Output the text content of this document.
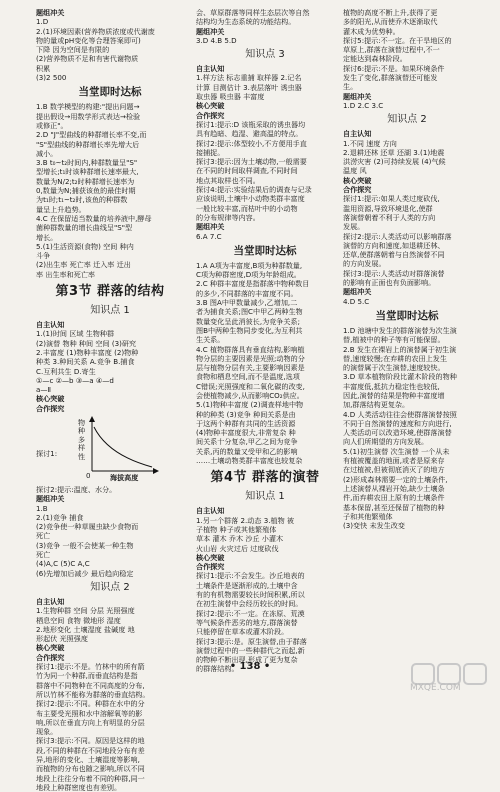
题组冲关
1.D
2.(1)环境因素(营养物质浓度或代谢废
物的量或pH变化等合理答案即可)
下降 因为空间是有限的
(2)营养物质不足和有害代谢物质
积累
(3)2 500
当堂即时达标
1.B 数学模型的构建:"提出问题→
提出假设→用数学形式表达→检验
或修正"。
2.D "J"型曲线的种群增长率不变,而
"S"型曲线的种群增长率先增大后
减小。
3.B t₀~t₂时间内,种群数量呈"S"
型增长;t₁时该种群增长速率最大,
数量为N/2;t₂时种群增长速率为
0,数量为N;捕获该鱼的最佳时期
为t₁时;t₁~t₂时,该鱼的种群数
量呈上升趋势。
4.C 在保留适当数量的培养液中,酵母
菌种群数量的增长曲线呈"S"型
增长。
5.(1)生活资源(食物) 空间 种内
斗争
(2)出生率 死亡率 迁入率 迁出
率 出生率和死亡率
第3节 群落的结构
知识点 1
自主认知
1.(1)时间 区域 生物种群
(2)演替 物种 种间 空间 (3)研究
2.丰富度 (1)物种丰富度 (2)物种
种类 3.种间关系 A.竞争 B.捕食
C.互利共生 D.寄生
①—c ②—b ③—a ④—d
a—Ⅱ
核心突破
合作探究
探讨1:
物种多样性
0	海拔高度
探讨2:提示:温度、水分。
题组冲关
1.B
2.(1)竞争 捕食
(2)竞争使一种草履虫缺少食物而
死亡
(3)竞争 一般不会使某一种生物
死亡
(4)A,C (5)C A,C
(6)先增加后减少 最后趋向稳定
知识点 2
自主认知
1.生物种群 空间 分层 光照强度
栖息空间 食物 微地形 湿度
2.地形变化 土壤湿度 盐碱度 地
形起伏 光照强度
核心突破
合作探究
探讨1:提示:不是。竹林中的所有箭
竹为同一个种群,而垂直结构是指
群落中不同物种在不同高度的分布,
所以竹林不能称为群落的垂直结构。
探讨2:提示:不同。种群在水中的分
布主要受光照和水中溶解氧等的影
响,所以在垂直方向上有明显的分层
现象。
探讨3:提示:不同。原因是这样的地
段,不同的种群在不同地段分布有差
异,地形的变化、土壤湿度等影响,
而植物的分布也随之影响,所以不同
地段上往往分布着不同的种群,同一
地段上种群密度也有差别。
会、草原群落等同样生态层次等自然
结构均为生态系统的功能结构。
题组冲关
3.D 4.B 5.D
知识点 3
自主认知
1.样方法 标志重捕 取样器 2.记名
计算 目测估计 3.表层落叶 诱虫器
取虫器 吸虫器 丰富度
核心突破
合作探究
探讨1:提示:D 该瓶采取的诱虫器均
具有趋暗、趋湿、避高温的特点。
探讨2:提示:体型较小,不方便用手直
接捕捉。
探讨3:提示:因为土壤动物,一般需要
在不同的时间取样调查,不同时间
地点其取样也不同。
探讨4:提示:实验结果后的调查与记录
应该说明,土壤中小动物类群丰富度
一般比较丰富,而枯叶中的小动物
的分布规律等内容。
题组冲关
6.A 7.C
当堂即时达标
1.A A项为丰富度,B项为种群数量,
C项为种群密度,D项为年龄组成。
2.C 种群丰富度是指群落中物种数目
的多少,不同群落的丰富度不同。
3.B 图A中甲数量减少,乙增加,二
者为捕食关系;图C中甲乙两种生物
数量变化呈此消彼长,为竞争关系;
图B中两种生物同步变化,为互利共
生关系。
4.C 植物群落具有垂直结构,影响植
物分层的主要因素是光照;动物的分
层与植物分层有关,主要影响因素是
食物和栖息空间,而不是温度,选项
C错误;光照强度和二氧化碳的改变,
会使植物减少,从而影响CO₂供应。
5.(1)物种丰富度 (2)调查样地中物
种的种类 (3)竞争 种间关系是由
于这两个种群有共同的生活资源
(4)物种丰富度很大,非常复杂 种
间关系十分复杂,甲乙之间为竞争
关系,丙的数量又受甲和乙的影响
……土壤动物类群丰富度也较复杂
第4节 群落的演替
知识点 1
自主认知
1.另一个群落 2.动态 3.植物 被
子植物 种子或其他繁殖体
草本 灌木 乔木 沙丘 小灌木
火山岩 火灾过后 过度砍伐
核心突破
合作探究
探讨1:提示:不会发生。沙丘地表的
土壤条件是逐渐形成的,土壤中含
有的有机物需要较长时间积累,所以
在初生演替中会经历较长的时间。
探讨2:提示:不一定。在冻原、荒漠
等气候条件恶劣的地方,群落演替
只能停留在草本或灌木阶段。
探讨3:提示:是。原生演替,由于群落
演替过程中的一些种群代之而起,新
的物种不断出现,形成了更为复杂
的群落结构。
植物的高度不断上升,获得了更
多的阳光,从而使乔木逐渐取代
灌木成为优势种。
探讨5:提示:不一定。在干旱地区的
草原上,群落在演替过程中,不一
定能达到森林阶段。
探讨6:提示:不是。如果环境条件
发生了变化,群落演替还可能发
生。
题组冲关
1.D 2.C 3.C
知识点 2
自主认知
1.不同 速度 方向
2.退耕还林 还草 还湖 3.(1)地震
洪涝灾害 (2)可持续发展 (4)气候
温度 风
核心突破
合作探究
探讨1:提示:如果人类过度砍伐,
滥用资源,导致环境退化,使群
落演替朝着不利于人类的方向
发展。
探讨2:提示:人类活动可以影响群落
演替的方向和速度,如退耕还林、
还草,使群落朝着与自然演替不同
的方向发展。
探讨3:提示:人类活动对群落演替
的影响有正面也有负面影响。
题组冲关
4.D 5.C
当堂即时达标
1.D 池塘中发生的群落演替为次生演
替,植被中的种子等有可能保留。
2.B 发生在裸岩上的演替属于初生演
替,速度较慢;在弃耕的农田上发生
的演替属于次生演替,速度较快。
3.D 草本植物阶段比灌木阶段的物种
丰富度低,抵抗力稳定性也较低,
因此,演替的结果是物种丰富度增
加,群落结构更复杂。
4.D 人类活动往往会使群落演替按照
不同于自然演替的速度和方向进行,
人类活动可以改造环境,使群落演替
向人们所期望的方向发展。
5.(1)初生演替 次生演替 一个从未
有植被覆盖的地面,或者是原来存
在过植被,但被彻底消灭了的地方
(2)形成森林需要一定的土壤条件,
上述演替从裸岩开始,缺少土壤条
件,而弃耕农田上原有的土壤条件
基本保留,甚至还保留了植物的种
子和其他繁殖体
(3)变快 未发生改变
• 138 •
MXQE.COM
